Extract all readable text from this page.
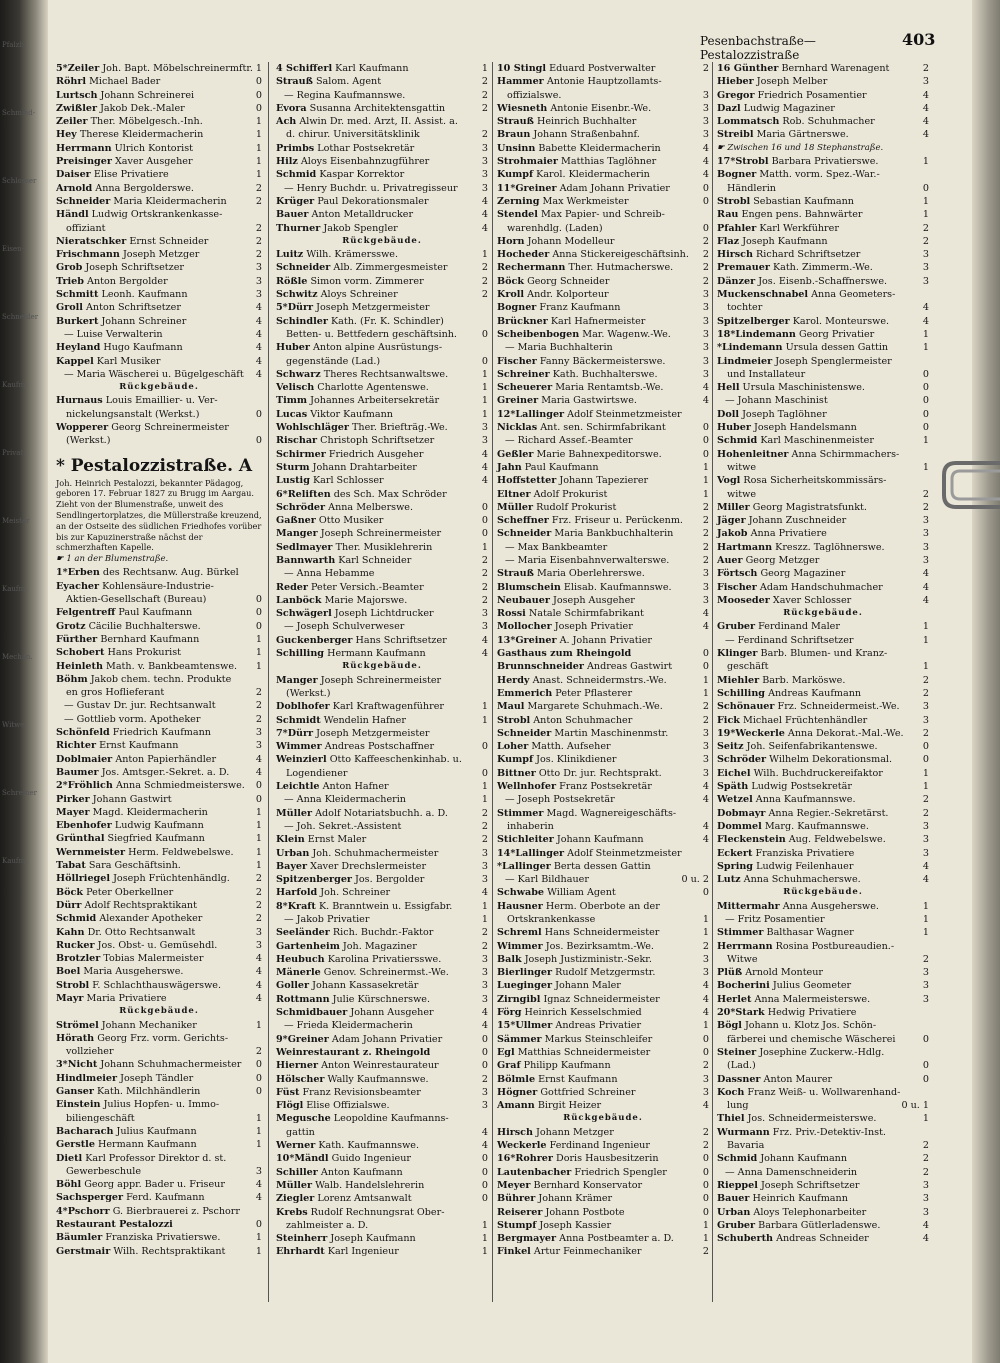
Pfalzb.
Schmied-
Schlosser
Eisen-
Schneider
Kaufm.
Privat.
Meister
Kaufm.
Mechan.
Witwe
Schreiner
Kaufm.
Pesenbachstraße—Pestalozzistraße
403
5*Zeiler Joh. Bapt. Möbelschreinermftr. 1
Röhrl Michael Bader	0
Lurtsch Johann Schreinerei	0
Zwißler Jakob Dek.-Maler	0
Zeiler Ther. Möbelgesch.-Inh.	1
Hey Therese Kleidermacherin	1
Herrmann Ulrich Kontorist	1
Preisinger Xaver Ausgeher	1
Daiser Elise Privatiere	1
Arnold Anna Bergolderswe.	2
Schneider Maria Kleidermacherin	2
Händl Ludwig Ortskrankenkasse-
offiziant	2
Nieratschker Ernst Schneider	2
Frischmann Joseph Metzger	2
Grob Joseph Schriftsetzer	3
Trieb Anton Bergolder	3
Schmitt Leonh. Kaufmann	3
Groll Anton Schriftsetzer	4
Burkert Johann Schreiner	4
— Luise Verwalterin	4
Heyland Hugo Kaufmann	4
Kappel Karl Musiker	4
— Maria Wäscherei u. Bügelgeschäft 4
Rückgebäude.
Hurnaus Louis Emaillier- u. Ver-
nickelungsanstalt (Werkst.)	0
Wopperer Georg Schreinermeister
(Werkst.)	0
* Pestalozzistraße. A
Joh. Heinrich Pestalozzi, bekannter Pädagog, geboren 17. Februar 1827 zu Brugg im Aargau. Zieht von der Blumenstraße, unweit des Sendlingertorplatzes, die Müllerstraße kreuzend, an der Ostseite des südlichen Friedhofes vorüber bis zur Kapuzinerstraße nächst der schmerzhaften Kapelle.
☛ 1 an der Blumenstraße.
1*Erben des Rechtsanw. Aug. Bürkel
Eyacher Kohlensäure-Industrie-
Aktien-Gesellschaft (Bureau)	0
Felgentreff Paul Kaufmann	0
Grotz Cäcilie Buchhalterswe.	0
Fürther Bernhard Kaufmann	1
Schobert Hans Prokurist	1
Heinleth Math. v. Bankbeamtenswe. 1
Böhm Jakob chem. techn. Produkte
en gros Hoflieferant	2
— Gustav Dr. jur. Rechtsanwalt	2
— Gottlieb vorm. Apotheker	2
Schönfeld Friedrich Kaufmann	3
Richter Ernst Kaufmann	3
Doblmaier Anton Papierhändler	4
Baumer Jos. Amtsger.-Sekret. a. D.	4
2*Fröhlich Anna Schmiedmeisterswe. 0
Pirker Johann Gastwirt	0
Mayer Magd. Kleidermacherin	1
Ebenhofer Ludwig Kaufmann	1
Grünthal Siegfried Kaufmann	1
Wernmeister Herm. Feldwebelswe. 1
Tabat Sara Geschäftsinh.	1
Höllriegel Joseph Früchtenhändlg.	2
Böck Peter Oberkellner	2
Dürr Adolf Rechtspraktikant	2
Schmid Alexander Apotheker	2
Kahn Dr. Otto Rechtsanwalt	3
Rucker Jos. Obst- u. Gemüsehdl.	3
Brotzler Tobias Malermeister	4
Boel Maria Ausgeherswe.	4
Strobl F. Schlachthauswägerswe.	4
Mayr Maria Privatiere	4
Rückgebäude.
Strömel Johann Mechaniker	1
Hörath Georg Frz. vorm. Gerichts-
vollzieher	2
3*Nicht Johann Schuhmachermeister 0
Hindlmeier Joseph Tändler	0
Ganser Kath. Milchhändlerin	0
Einstein Julius Hopfen- u. Immo-
biliengeschäft	1
Bacharach Julius Kaufmann	1
Gerstle Hermann Kaufmann	1
Dietl Karl Professor Direktor d. st.
Gewerbeschule	3
Böhl Georg appr. Bader u. Friseur	4
Sachsperger Ferd. Kaufmann	4
4*Pschorr G. Bierbrauerei z. Pschorr
Restaurant Pestalozzi	0
Bäumler Franziska Privatierswe.	1
Gerstmair Wilh. Rechtspraktikant	1
4 Schifferl Karl Kaufmann	1
Strauß Salom. Agent	2
— Regina Kaufmannswe.	2
Evora Susanna Architektensgattin	2
Ach Alwin Dr. med. Arzt, II. Assist. a.
d. chirur. Universitätsklinik	2
Primbs Lothar Postsekretär	3
Hilz Aloys Eisenbahnzugführer	3
Schmid Kaspar Korrektor	3
— Henry Buchdr. u. Privatregisseur	3
Krüger Paul Dekorationsmaler	4
Bauer Anton Metalldrucker	4
Thurner Jakob Spengler	4
Rückgebäude.
Luitz Wilh. Krämersswe.	1
Schneider Alb. Zimmergesmeister	2
Rößle Simon vorm. Zimmerer	2
Schwitz Aloys Schreiner	2
5*Dürr Joseph Metzgermeister
Schindler Kath. (Fr. K. Schindler)
Betten- u. Bettfedern geschäftsinh.	0
Huber Anton alpine Ausrüstungs-
gegenstände (Lad.)	0
Schwarz Theres Rechtsanwaltswe.	1
Velisch Charlotte Agentenswe.	1
Timm Johannes Arbeitersekretär	1
Lucas Viktor Kaufmann	1
Wohlschläger Ther. Briefträg.-We.	3
Rischar Christoph Schriftsetzer	3
Schirmer Friedrich Ausgeher	4
Sturm Johann Drahtarbeiter	4
Lustig Karl Schlosser	4
6*Reliften des Sch. Max Schröder
Schröder Anna Melberswe.	0
Gaßner Otto Musiker	0
Manger Joseph Schreinermeister	0
Sedlmayer Ther. Musiklehrerin	1
Bannwarth Karl Schneider	2
— Anna Hebamme	2
Reder Peter Versich.-Beamter	2
Lanböck Marie Majorswe.	2
Schwägerl Joseph Lichtdrucker	3
— Joseph Schulverweser	3
Guckenberger Hans Schriftsetzer	4
Schilling Hermann Kaufmann	4
Rückgebäude.
Manger Joseph Schreinermeister
(Werkst.)
Doblhofer Karl Kraftwagenführer	1
Schmidt Wendelin Hafner	1
7*Dürr Joseph Metzgermeister
Wimmer Andreas Postschaffner	0
Weinzierl Otto Kaffeeschenkinhab. u.
Logendiener	0
Leichtle Anton Hafner	1
— Anna Kleidermacherin	1
Müller Adolf Notariatsbuchh. a. D.	2
— Joh. Sekret.-Assistent	2
Klein Ernst Maler	2
Urban Joh. Schuhmachermeister	3
Bayer Xaver Drechslermeister	3
Spitzenberger Jos. Bergolder	3
Harfold Joh. Schreiner	4
8*Kraft K. Branntwein u. Essigfabr.	1
— Jakob Privatier	1
Seeländer Rich. Buchdr.-Faktor	2
Gartenheim Joh. Magaziner	2
Heubuch Karolina Privatiersswe.	3
Mänerle Genov. Schreinermst.-We.	3
Goller Johann Kassasekretär	3
Rottmann Julie Kürschnerswe.	3
Schmidbauer Johann Ausgeher	4
— Frieda Kleidermacherin	4
9*Greiner Adam Johann Privatier	0
Weinrestaurant z. Rheingold	0
Hierner Anton Weinrestaurateur	0
Hölscher Wally Kaufmannswe.	2
Füst Franz Revisionsbeamter	3
Flögl Elise Offizialswe.	3
Megusche Leopoldine Kaufmanns-
gattin	4
Werner Kath. Kaufmannswe.	4
10*Mändl Guido Ingenieur	0
Schiller Anton Kaufmann	0
Müller Walb. Handelslehrerin	0
Ziegler Lorenz Amtsanwalt	0
Krebs Rudolf Rechnungsrat Ober-
zahlmeister a. D.	1
Steinherr Joseph Kaufmann	1
Ehrhardt Karl Ingenieur	1
10 Stingl Eduard Postverwalter	2
Hammer Antonie Hauptzollamts-
offizialswe.	3
Wiesneth Antonie Eisenbr.-We.	3
Strauß Heinrich Buchhalter	3
Braun Johann Straßenbahnf.	3
Unsinn Babette Kleidermacherin	4
Strohmaier Matthias Taglöhner	4
Kumpf Karol. Kleidermacherin	4
11*Greiner Adam Johann Privatier	0
Zerning Max Werkmeister	0
Stendel Max Papier- und Schreib-
warenhdlg. (Laden)	0
Horn Johann Modelleur	2
Hocheder Anna Stickereigeschäftsinh. 2
Rechermann Ther. Hutmacherswe.	2
Böck Georg Schneider	2
Kroll Andr. Kolporteur	3
Bogner Franz Kaufmann	3
Brückner Karl Hafnermeister	3
Scheibenbogen Mar. Wagenw.-We.	3
— Maria Buchhalterin	3
Fischer Fanny Bäckermeisterswe.	3
Schreiner Kath. Buchhalterswe.	3
Scheuerer Maria Rentamtsb.-We.	4
Greiner Maria Gastwirtswe.	4
12*Lallinger Adolf Steinmetzmeister
Nicklas Ant. sen. Schirmfabrikant	0
— Richard Assef.-Beamter	0
Geßler Marie Bahnexpeditorswe.	0
Jahn Paul Kaufmann	1
Hoffstetter Johann Tapezierer	1
Eltner Adolf Prokurist	1
Müller Rudolf Prokurist	2
Scheffner Frz. Friseur u. Perückenm. 2
Schneider Maria Bankbuchhalterin	2
— Max Bankbeamter	2
— Maria Eisenbahnverwalterswe.	2
Strauß Maria Oberlehrerswe.	3
Blumschein Elisab. Kaufmannswe.	3
Neubauer Joseph Ausgeher	3
Rossi Natale Schirmfabrikant	4
Mollocher Joseph Privatier	4
13*Greiner A. Johann Privatier
Gasthaus zum Rheingold	0
Brunnschneider Andreas Gastwirt	0
Herdy Anast. Schneidermstrs.-We.	1
Emmerich Peter Pflasterer	1
Maul Margarete Schuhmach.-We.	2
Strobl Anton Schuhmacher	2
Schneider Martin Maschinenmstr.	3
Loher Matth. Aufseher	3
Kumpf Jos. Klinikdiener	3
Bittner Otto Dr. jur. Rechtsprakt.	3
Wellnhofer Franz Postsekretär	4
— Joseph Postsekretär	4
Stimmer Magd. Wagnereigeschäfts-
inhaberin	4
Stichleiter Johann Kaufmann	4
14*Lallinger Adolf Steinmetzmeister
*Lallinger Berta dessen Gattin
— Karl Bildhauer	0 u. 2
Schwabe William Agent	0
Hausner Herm. Oberbote an der
Ortskrankenkasse	1
Schreml Hans Schneidermeister	1
Wimmer Jos. Bezirksamtm.-We.	2
Balk Joseph Justizministr.-Sekr.	3
Bierlinger Rudolf Metzgermstr.	3
Lueginger Johann Maler	4
Zirngibl Ignaz Schneidermeister	4
Förg Heinrich Kesselschmied	4
15*Ullmer Andreas Privatier	1
Sämmer Markus Steinschleifer	0
Egl Matthias Schneidermeister	0
Graf Philipp Kaufmann	2
Bölmle Ernst Kaufmann	3
Högner Gottfried Schreiner	3
Amann Birgit Heizer	4
Rückgebäude.
Hirsch Johann Metzger	2
Weckerle Ferdinand Ingenieur	2
16*Rohrer Doris Hausbesitzerin	0
Lautenbacher Friedrich Spengler	0
Meyer Bernhard Konservator	0
Bührer Johann Krämer	0
Reiserer Johann Postbote	0
Stumpf Joseph Kassier	1
Bergmayer Anna Postbeamter a. D.	1
Finkel Artur Feinmechaniker	2
16 Günther Bernhard Warenagent	2
Hieber Joseph Melber	3
Gregor Friedrich Posamentier	4
Dazl Ludwig Magaziner	4
Lommatsch Rob. Schuhmacher	4
Streibl Maria Gärtnerswe.	4
☛ Zwischen 16 und 18 Stephanstraße.
17*Strobl Barbara Privatierswe.	1
Bogner Matth. vorm. Spez.-War.-
Händlerin	0
Strobl Sebastian Kaufmann	1
Rau Engen pens. Bahnwärter	1
Pfahler Karl Werkführer	2
Flaz Joseph Kaufmann	2
Hirsch Richard Schriftsetzer	3
Premauer Kath. Zimmerm.-We.	3
Dänzer Jos. Eisenb.-Schaffnerswe.	3
Muckenschnabel Anna Geometers-
tochter	4
Spitzelberger Karol. Monteurswe.	4
18*Lindemann Georg Privatier	1
*Lindemann Ursula dessen Gattin	1
Lindmeier Joseph Spenglermeister
und Installateur	0
Hell Ursula Maschinistenswe.	0
— Johann Maschinist	0
Doll Joseph Taglöhner	0
Huber Joseph Handelsmann	0
Schmid Karl Maschinenmeister	1
Hohenleitner Anna Schirmmachers-
witwe	1
Vogl Rosa Sicherheitskommissärs-
witwe	2
Miller Georg Magistratsfunkt.	2
Jäger Johann Zuschneider	3
Jakob Anna Privatiere	3
Hartmann Kreszz. Taglöhnerswe.	3
Auer Georg Metzger	3
Förtsch Georg Magaziner	4
Fischer Adam Handschuhmacher	4
Mooseder Xaver Schlosser	4
Rückgebäude.
Gruber Ferdinand Maler	1
— Ferdinand Schriftsetzer	1
Klinger Barb. Blumen- und Kranz-
geschäft	1
Miehler Barb. Marköswe.	2
Schilling Andreas Kaufmann	2
Schönauer Frz. Schneidermeist.-We. 3
Fick Michael Früchtenhändler	3
19*Weckerle Anna Dekorat.-Mal.-We. 2
Seitz Joh. Seifenfabrikantenswe.	0
Schröder Wilhelm Dekorationsmal.	0
Eichel Wilh. Buchdruckereifaktor	1
Späth Ludwig Postsekretär	1
Wetzel Anna Kaufmannswe.	2
Dobmayr Anna Regier.-Sekretärst.	2
Dommel Marg. Kaufmannswe.	3
Fleckenstein Aug. Feldwebelswe.	3
Eckert Franziska Privatiere	3
Spring Ludwig Feilenhauer	4
Lutz Anna Schuhmacherswe.	4
Rückgebäude.
Mittermahr Anna Ausgeherswe.	1
— Fritz Posamentier	1
Stimmer Balthasar Wagner	1
Herrmann Rosina Postbureaudien.-
Witwe	2
Plüß Arnold Monteur	3
Bocherini Julius Geometer	3
Herlet Anna Malermeisterswe.	3
20*Stark Hedwig Privatiere
Bögl Johann u. Klotz Jos. Schön-
färberei und chemische Wäscherei	0
Steiner Josephine Zuckerw.-Hdlg.
(Lad.)	0
Dassner Anton Maurer	0
Koch Franz Weiß- u. Wollwarenhand-
lung	0 u. 1
Thiel Jos. Schneidermeisterswe.	1
Wurmann Frz. Priv.-Detektiv-Inst.
Bavaria	2
Schmid Johann Kaufmann	2
— Anna Damenschneiderin	2
Rieppel Joseph Schriftsetzer	3
Bauer Heinrich Kaufmann	3
Urban Aloys Telephonarbeiter	3
Gruber Barbara Gütlerladenswe.	4
Schuberth Andreas Schneider	4
